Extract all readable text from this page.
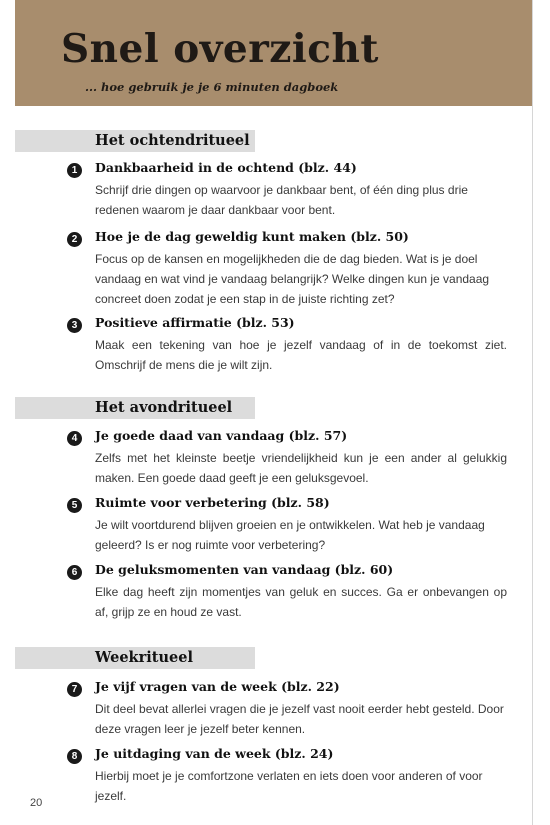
Snel overzicht
... hoe gebruik je je 6 minuten dagboek
Het ochtendritueel
1	Dankbaarheid in de ochtend (blz. 44)
Schrijf drie dingen op waarvoor je dankbaar bent, of één ding plus drie
redenen waarom je daar dankbaar voor bent.
2	Hoe je de dag geweldig kunt maken (blz. 50)
Focus op de kansen en mogelijkheden die de dag bieden. Wat is je doel
vandaag en wat vind je vandaag belangrijk? Welke dingen kun je vandaag
concreet doen zodat je een stap in de juiste richting zet?
3	Positieve affirmatie (blz. 53)
Maak een tekening van hoe je jezelf vandaag of in de toekomst ziet.
Omschrijf de mens die je wilt zijn.
Het avondritueel
4	Je goede daad van vandaag (blz. 57)
Zelfs met het kleinste beetje vriendelijkheid kun je een ander al gelukkig
maken. Een goede daad geeft je een geluksgevoel.
5	Ruimte voor verbetering (blz. 58)
Je wilt voortdurend blijven groeien en je ontwikkelen. Wat heb je vandaag
geleerd? Is er nog ruimte voor verbetering?
6	De geluksmomenten van vandaag (blz. 60)
Elke dag heeft zijn momentjes van geluk en succes. Ga er onbevangen op
af, grijp ze en houd ze vast.
Weekritueel
7	Je vijf vragen van de week (blz. 22)
Dit deel bevat allerlei vragen die je jezelf vast nooit eerder hebt gesteld. Door
deze vragen leer je jezelf beter kennen.
8	Je uitdaging van de week (blz. 24)
Hierbij moet je je comfortzone verlaten en iets doen voor anderen of voor
jezelf.
20
